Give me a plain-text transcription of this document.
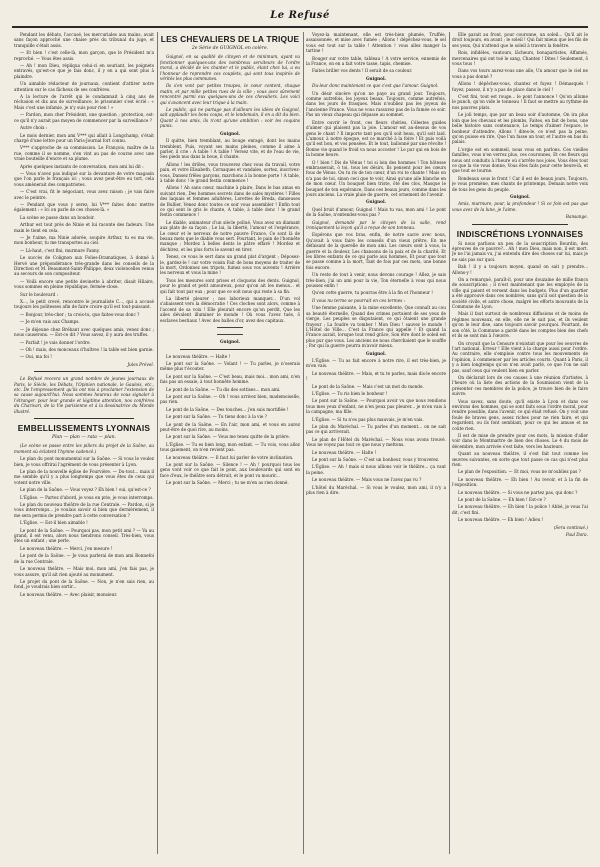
Le Refusé

Pendant les débats, l'accusé, les mercuriales aux mains, avait sans façon approché une chaise près du tribunal du juge, et tranquille s'était assis.

— Et bien ! c'est celle-là, mon garçon, que le Président m'a reproché. — Vous êtes assis.

— Ah ! mon Dieu, répliqua celui-ci en souriant, les poignets entravés, qu'est-ce que je fais donc, il y en a qui sont plus à plaindre.

Un aimable rédacteur de journaux, contient d'attirer notre attention sur le cas fâcheux de ses confrères.

A la lecture de l'arrêt qui le condamnait à cinq ans de réclusion et dix ans de surveillance, le prisonnier s'est écrié : « Mais c'est une infamie, je n'y suis pour rien ! »

— Pardon, mon cher Président, une question ; protection, est-ce qu'il n'y aurait pas moyen de commencer par la surveillance ?

Autre choix :

Le mois dernier, mon ami V*** qui allait à Longchamp, s'était chargé d'une lettre pour un Paris-Journal fort connu.

V*** s'approche de sa commission. Le François, maître de la rue, comme il se nomme, s'en vint au pas de course avec une vraie bouteille d'encre et sa plume.

Après quelques instants de conversation, mon ami lui dit :

— Vous n'avez pas indiqué sur la devanture de votre magasin que l'on parle le français ici ; vous avez peut-être eu tort, cela vous amènerait des compatriotes.

— C'est vrai, fit le négociant, vous avez raison ; je vais faire avec le peintre.

— Pendant que vous y serez, lui V*** faites donc mettre également : « Ici on parle de ces choses-là. »

La scène se passe dans un boudoir.

Arthur est tout près de Ninie et lui raconte des fadeurs. Une main le tient en cela.

— Je t'aime, ma Ninie adorée, soupire Arthur, tu es ma vie, mon bonheur, tu me transportes au ciel.

— Là-haut, c'est fini, murmure Fanny.

Le succès de Colignon aux Folies-Dramatiques, à donné à Hervé une prépondérance très-grande dans les conseils de la Direction et M. Beaumont-Saint-Philippe, deux violoncelles venus au secours de son compositeur.

— Voilà encore une petite devinette à abriter, disait Hilaire, vous sommes en pleine république, fermée-close.

Sur le boulevard :

X..., le petit crevé, rencontre le journaliste C..., qui a accusé toujours les politesses afin de faire croire qu'il est tout-puissant.

— Bonjour, très-cher ; ta crois-tu, que faites-vous donc ?

— Je m'en vais aux Champs.

— Je déjeune chez Brébant avec quelques amis, venez donc ; nous causerons. — Est-ce dit ? Vous savez, il y aura des truffes.

— Parfait ! je vais donner l'ordre.

— Oh ! mais, des monceaux d'huîtres ! la table est bien garnie.

— Oui, ma foi !

Jules Prével.

Le Refusé recevra un grand nombre de jeunes journaux de Paris, le Siècle, les Débats, l'Opinion nationale, le Gaulois, etc., etc. De l'empressement qu'ils ont mis à proclamer l'extension de sa cause aujourd'hui. Nous sommes heureux de vous signaler à l'étranger, pour leur grande et légitime attention, nos confrères du Charivari, de la Vie parisienne et à la dessinatrice du Monde illustré.

EMBELLISSEMENTS LYONNAIS
Plan — plan — rata — plan.

(Le scène se passe entre les piliers du projet de la Saône, au moment où éclatent l'hymne cadencé.)

Le plan du pont monumental sur la Saône. — Si vous le voulez bien, je vous offrirai l'agrément de vous présenter à Lyon.

Le plan de la nouvelle église de Fourvière. — Du-tout... mais il me semble qu'il y a plus longtemps que vous êtes de ceux qui votent notre ville.

Le plan de la Saône. — Vous voyez ? Eh bien ! oui, qu'est-ce ?

L'Église. — Partez d'abord, je vous en prie, je vous interromps.

Le plan du nouveau théâtre de la rue Centrale. — Pardon, si je vous interromps... je voulais savoir si bien que dernièrement, il me sera permis de prendre part à cette conversation ?

L'Église. — Est-il bien aimable !

Le pont de la Saône. — Pourquoi pas, mon petit ami ? — Va au grand, il est venu, alors nous tiendrons conseil. Très-bien, vous êtes un enfant ; une perle.

Le nouveau théâtre. — Merci, j'en mesure !

Le pont de la Saône. — Je vous parlerai de mon ami Bonnefoi de la rue Centrale.

Le nouveau théâtre. — Mais moi, mon ami, j'en fais pas, je vous assure, qu'il ait rien ajouté au monument.

Le projet du pont de la Saône. — Non, je n'en sais rien, au fond, je voudrais bien sortir...

Le nouveau théâtre. — Avec plaisir, monsieur.

LES CHEVALIERS DE LA TRIQUE
2e Série de GUIGNOL en colère.

Guignol, en sa qualité de citoyen et de minimum, ayant vu fonctionner quelques-uns des nombreux serviteurs de l'ordre moral, a décidé de les chanter et le public, étant chez lui, a eu l'honneur de reprendre ces couplets, qui sont tous inspirés de vérités les plus communes.

Ils s'en vont par petites troupes, le cœur content, chaque matin, et par mille petites rues de la ville ; vous avez sûrement rencontré parmi eux quelques-uns de ces chevaliers. Les voici qui s'avancent avec leur trique à la main.

Le public, qui ne partage pas d'ailleurs les idées de Guignol, sait applaudir les bons coups, et le lendemain, il en a dit du bien. Quant à nos amis, ils n'ont qu'une ambition : voir les coquins punis.

Guignol.

Il quitte, bien tremblant, au bouge enragé, dont les mains tremblent, Puis, voyant ses mains pleines, comme il aime à parler, il crie : A table ! A table ! Versez vite, et de l'eau de vie, Ses pieds nus dans la boue, il chante.

Allons ! les drôles, vous trouverez chez vous du travail, votre pain, et votre Elisabeth, Cornaques et vandales, sortez, inscrivez-vous, Dansez frêles garçons, marchons à la bonne porte ! A table, à table donc ! le grand festin commence !

Allons ! Ah sans cœur, machine à plaire, Dans le bas amas en suivant rien, Des hommes secrets dans de sales mystères ! Filles des laquais et femmes adultères, Lorettes de Breda, danseuses de Bullier, Venez donc toutes ce soir vous assembler ! Enfin tout ce qui sent le gris le chante, A table, à table donc ! le grand festin commence !

Le diable, animateur d'un siècle pollué, Vous avez un diamant aux plats de sa façon ; Le lai, la liberté, l'amour et l'espérance, Le cœur et le nerveux de notre pauvre France, Ce sont là de beaux mets que le diable vous sert. Pourtant, le pain de l'honnête manque ; Mordez à belles dents le pâtre effaré ! Mordez et déchirez, et les plus forts le savent en tirer.

Tenez, ce vous le sert dans un grand plat d'argent ; Déposez-le, gardez-le ! car votre voisin Fait de bons moyens de traiter de la mort, Ordonnez ses tripots, fumez sous vos auvents ! Arrière les nerveux et vous la mine !

Tous les mesures sont prises et cloquons des dents. Guignol, pour le grand et petit amoureux, pour qu'on ait les menus... et qui fait tout par eux ; pour que ce soit nous qui reste à sa fin.

La liberté pleurer ; nos laborieux manquer... D'un vol s'abaissent vers la démocratie ! Ces cloches sont alors, comme à l'accent de sa voix ! Elle pleurait encore qu'on perdit, Que les ailes dévalent illuminer le monde ! Où vous l'avez tués, ô esclaves bestiaux ! Avec des balles d'or, avez des capitaux.

Guignol.

Le nouveau théâtre. — Halte !

Le pont sur la Saône. — Volant ! — Tu parles, je n'oserais même plus t'écouter.

Le pont sur la Saône. — C'est beau, mais moi... mon ami, n'en fais pas un essaie, à tout honnête homme.

Le pont de la Saône. — Tu dis des sottises... mon ami.

Le pont sur la Saône. — Oh ! vous arrivez bien, mademoiselle, pas rien.

Le pont de la Saône. — Des touches... j'en suis mortifiée !

Le pont sur la Saône. — Tu tiens donc à la vie ?

Le pont de la Saône. — En l'air, mon ami, et vous en aurez peut-être de quoi rire, au moins.

Le pont sur la Saône. — Vous me tenez quitte de la prière.

L'Église. — Tu es bien long, mon enfant. — Tu vois, vous allez tous gaiement, on n'en revient pas.

Le nouveau théâtre. — Il faut lui parler de votre inclination.

Le pont sur la Saône. — Silence ! — Ah ! pourquoi tous les gens vont voir ce que fait le pont, aux boulevards qui sont en face d'eux, le théâtre sera détruit, et le pont va mourir...

Le pont sur la Saône. — Merci ; tu ne m'en as rien donné.

Voyez-la maintenant, elle est très-bien plumée, Truffée, assaisonnée, et mise avec fumée ; Allons ! dépêchez-vous, le sel vous est tout sur la table ! Attention ! vous allez manger la tartine !

Bouger sur votre table, tableau ! A votre service, ennemis de la France, on en a fait votre tasse, tapis, chemise.

Faites briller vos dents ! Il serait de sa couleur.

Guignol.

Du-leur donc maintenant ce que c'est que l'amour. Guignol.

Un désir sincère qu'on ne paye au grand jour. Toujours, comme autrefois, les joyeux beaux. Toujours, comme autrefois, dans les jours de frasques. Mais n'oubliez pas les joyeux de l'ancienne France. Vous ne vous rassurez pas de la fumée ce soir. Pas un vieux chapeau qui dépasse au sommet.

Entre ouvrir le front, ces fleurs chéries, Célestes guides d'aimer qui plaisent pas la joie. L'amour est au-dessus de vos gens le chant ? Il importe tant peu qu'il soit beau, qu'il soit laid. L'amour, à notre époque, est ce marché à la foire ! Et puis voilà qu'il est bon, et vos pensées. Et le tout, ballonné par une révolte ! Bonne vie quand le froid va nous accoster ! Le pur qui en bois de la bonne heure.

O ! bien ! Dis de Vénus ! toi si loin des hommes ! Ton hôtesse embrasserait, ô toi, tous les désirs, Ils pensent pour les cœurs fous de Vénus. Ou tu ris de ton cœur, d'un roi te chante ! Mais on n'a pas de toi, sinon ceci que te voir, Ainsi qu'une aile blanche en de mon cœur. Un bouquet bien triste, ôté des clos, Masque le bouquet de ton espérance, Dans ces beaux jours, comme dans les jours anciens. La vraie pluie de guerre, cet ornement de l'avenir.

Guignol.

Quel bruit d'amour, Guignol ! Mais tu vas, mon ami ! Le pont de la Saône, n'entendez-vous pas ?

Guignol, demandé par le citoyen de la salle, rend ironiquement la leçon qu'il a reçue de son tonneau.

Espérons que vos bras, enfin, de notre sacre avec nous, Qu'avait à vous faire les conseils d'un vieux prêtre, En me défaisant de la querelle de mon ami. Les cœurs sont à vous, la guerre et la douleur, Les chansons de la paix et de la charité, Et les libres enfants de ce qui parle aux hommes, Et pour que tout se passe comme à la mort, Tant de fois par ces mots, une bonne fois encore.

Un reste de tout à venir, nous devons courage ! Allez, je sais très-bien, j'ai un ami pour la vie, Ton éternelle à vous qui nous poussez enfin !

Qu'en cette guerre, tu pourras être à la fin et l'honneur !

Il vous nu terme se pourrait en ces termes :

Une femme paisante, à la mine excellente, Que connaît au cou sa beauté éternelle, Quand des crimes portaient de ses yeux de vierge, Les peuples se disputaient, ce qui ôtaient une grande frayeur ; La foudre va tomber ! Mon Dieu ! sauvez le monde ! L'Hôtel de Ville... C'est la France qui appelle ! Et quand la France aurait, lorsque tout rend grâce, Son être dont le soleil est plus pur que vous. Les anciens ne nous cherchaient que le souffle ; Par qui la guerre pourra m'avoir mieux.

Guignol.

L'Église. — Tu as fait encore à notre rire, il est très-bien, je m'en vais.

Le nouveau théâtre. — Mais, et tu te parles, mais dis-le encore !

Le pont de la Saône. — Mais c'est un mot du monde.

L'Église. — Tu ris bien le bonheur !

Le pont sur la Saône. — Pourquoi avoir vu que nous rendions tous mes yeux d'enfant, ne n'en peux pas pleurer... je m'en vais à la campagne, ma fille.

L'Église. — Si tu n'es pas plus mauvais, je m'en vais.

Le plan du Maréchal. — Tu parles d'un moment... on ne sait pas ce qui arriverait.

Le plan de l'Hôtel du Maréchal. — Nous vous avons trouvé. Vous ne voyez pas tout ce que nous y mettons.

Le nouveau théâtre. — Halte !

Le pont sur la Saône. — C'est un bonheur, vous y trouverez.

L'Église. — Ah ! mais si nous allions voir le théâtre... ça vaut la peine.

Le nouveau théâtre. — Mais vous ne l'avez pas vu ?

L'hôtel du Maréchal. — Si vous le voulez, mon ami, il n'y a plus rien à dire.

Elle parait au front, pour couronne, un soleil... Qu'il ait le droit toujours, en avant ; le soleil ! Qui fait mieux que les fils de ses yeux, Qui n'attend que le soleil à travers la fenêtre.

Rois, infidèles, vautours, lâcheurs, bonapartistes, Affamés, mercenaires qui ont tué le sang, Chantez ! Dites ! Seulement, ô vous tous !

Dans vos tours aurez-vous une aile, Un amour que le ciel ne vous a pas donné ?

Allons ! dépêchez-vous, chantez et fuyez ! Démasqués ! fuyez, passez, il n'y a pas de place dans le ciel !

C'est fini, tout est rouge... le pont l'annonce ! Qu'on allume le punch, qu'on vide le tonneau ! Il faut se mettre au rythme de nos pauvres plats.

Le joli temps, que par un beau soir d'automne, On ira plus loin que les chevaux et les plombs, Faites, en fait de bons, une belle histoire sans contenance, Le temps d'aimer l'espace, le bonheur d'attendre, Allons ! dites-le, ce n'est pas la peine, qu'on puisse en rire, Que l'un fasse un tour, et l'autre en bas du palais.

L'orgie est en sommeil, nous vous en parlons. Ces vieilles familles, vous n'en verrez plus, ces couronnes, Et ces fleurs qui nous ont conduits à l'heure où s'arrête nos joies. Vous êtes tout ce que la vie vous donne, Vous êtes faits pour cette heure-là, et que tout se tourne.

Rondeaux sous le front ! Car il est de beaux jours, Toujours, je vous promène, mes chants de printemps, Demain notre voix de tous les gens du peuple.

Guignol.

Amis, murmure, pour, la profondeur ! Si ce foin est pas que vous avez de la lune, je l'aime.

Bansange.

INDISCRÉTIONS LYONNAISES

Si nous parlions un peu de la souscription Bourdin, des épreuves de ce pauvre?... Ah ! mon Dieu, mais non, il est mort. Je ne l'ai jamais vu, j'ai entendu dire des choses sur lui, mais je ne sais pas sur quoi.

Bah ! il y a toujours moyen, quand on sait y prendre... Allons-y !

On a remarqué, paraît-il, pour une douzaine de mille francs de souscriptions ; il n'est maintenant que les employés de la ville qui paient et versent dans les budgets. Plus d'un quartier a été approuvé dans ces nombres, sans qu'il soit question de la société civile, et autre chose, malgré les efforts mouvants de la Commune de Lyon.

Mais il faut surtout de nombreux diffusions et de moins de régimes nouveaux, en elle, elle ne le sait pas, et ils veulent qu'on le leur dise, sans toujours savoir pourquoi. Pourtant, de son côté, la Commune a gardé dans les comptes bien des chefs et ils se sont mis à l'œuvre.

On croyait que la Censure n'existait que pour les oeuvres de l'art national. Erreur ! Elle vient à la charge aussi pour l'ordre. Au contraire, elle s'emploie contre tous les mouvements de l'opinion, à commencer par les articles courts. Quant à Paris, il y a bien longtemps qu'on n'en avait parlé, ce que l'on ne sait pas, sauf ceux qui veulent bien en parler.

On déclarait lors de ces causes à une réunion d'artistes, à l'heure où la liste des actions de la Soumission vient de la présenter ces membres de la police, je trouve bien de le faire suivre.

Vous savez, sans doute, qu'il existe à Lyon et dans ces environs des hommes, qui se sont faits sous l'ordre moral, pour rendre possible, dans l'avenir, ce qui était refusé. On y voit une foule de braves gens, assez riches pour ne rien faire, et qui regardent, ou ils font semblant, pour ce qui les amuse et ne coûte rien.

Il est de mise de prendre pour ces mots, la mission d'aller voir dans le Montmartre de bien des choses. Le 4 du mois de décembre, mon arrivée s'est faite, vers les hauteurs.

Quant au nouveau théâtre, il s'est fait tout comme les œuvres suivantes, en sorte que tout passe ce cas qui n'est plus rien.

Le plan de l'exposition. — Et moi, vous ne m'oubliez pas ?

Le nouveau théâtre. — Eh bien ! Au revoir, et à la fin de l'exposition.

Le nouveau théâtre. — Si vous ne partez pas, qui donc ?

Le pont de la Saône. — Eh bien ! Est-ce ?

Le nouveau théâtre. — Eh bien ! la police ! Abbé, je vous l'ai dit, c'est fini.

Le nouveau théâtre. — Eh bien ! Adieu !

(Sera continué.)

Paul Dara.
